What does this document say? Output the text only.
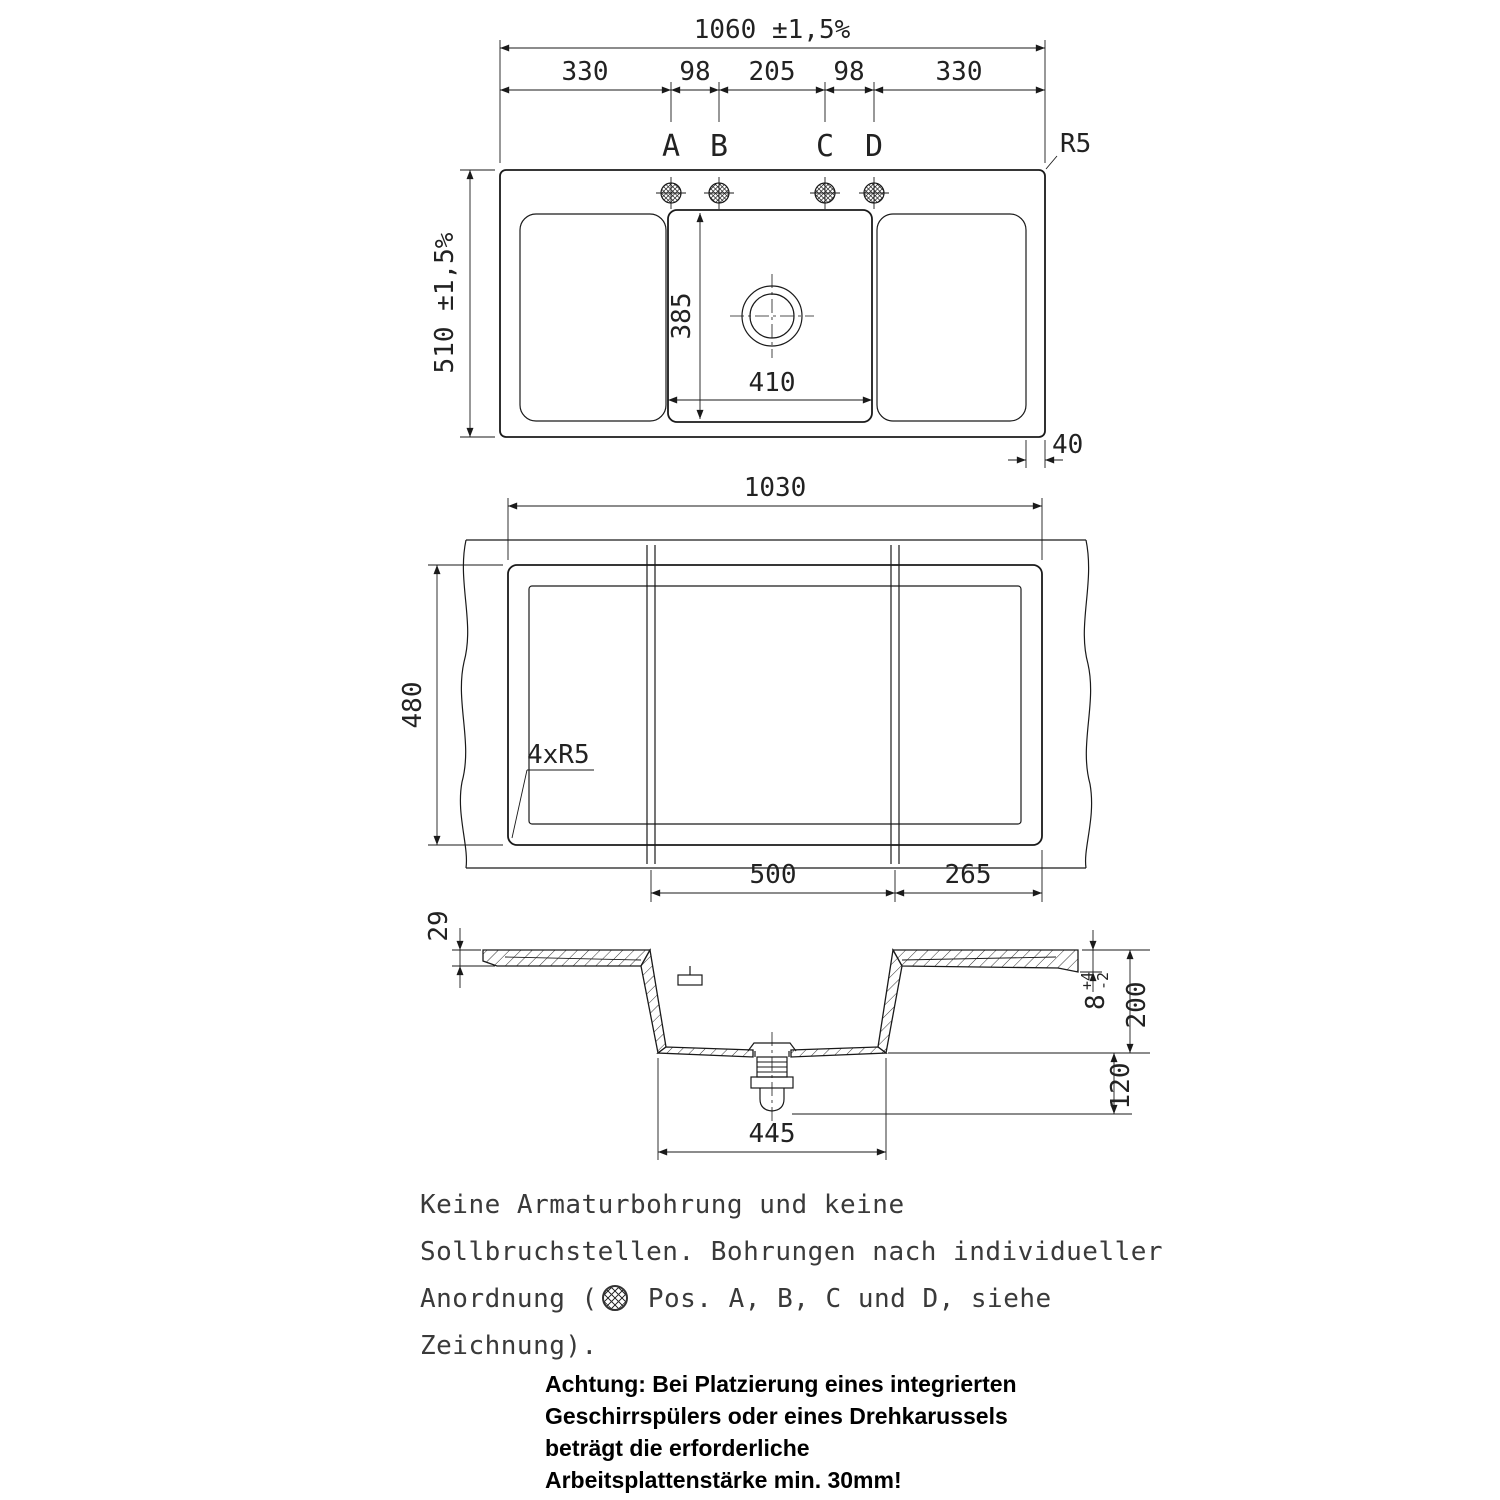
A B	C D
1060 ±1,5%
330	98 205 98	330
R5
510 ±1,5%	385
410
40
1030
480
4xR5
500	265
29
8
+4
-2
200
120
445
Keine Armaturbohrung und keine
Sollbruchstellen. Bohrungen nach individueller
Anordnung ( Pos. A, B, C und D, siehe
Zeichnung).
Achtung: Bei Platzierung eines integrierten
Geschirrspülers oder eines Drehkarussels
beträgt die erforderliche
Arbeitsplattenstärke min. 30mm!
